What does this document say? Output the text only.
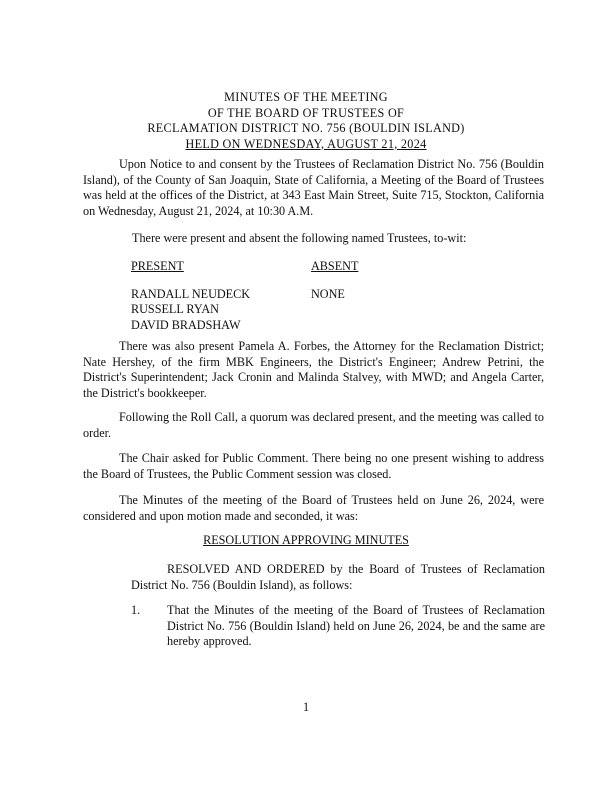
MINUTES OF THE MEETING
OF THE BOARD OF TRUSTEES OF
RECLAMATION DISTRICT NO. 756 (BOULDIN ISLAND)
HELD ON WEDNESDAY, AUGUST 21, 2024
Upon Notice to and consent by the Trustees of Reclamation District No. 756 (Bouldin Island), of the County of San Joaquin, State of California, a Meeting of the Board of Trustees was held at the offices of the District, at 343 East Main Street, Suite 715, Stockton, California on Wednesday, August 21, 2024, at 10:30 A.M.
There were present and absent the following named Trustees, to-wit:
PRESENT
RANDALL NEUDECK
RUSSELL RYAN
DAVID BRADSHAW
ABSENT
NONE
There was also present Pamela A. Forbes, the Attorney for the Reclamation District; Nate Hershey, of the firm MBK Engineers, the District's Engineer; Andrew Petrini, the District's Superintendent; Jack Cronin and Malinda Stalvey, with MWD; and Angela Carter, the District's bookkeeper.
Following the Roll Call, a quorum was declared present, and the meeting was called to order.
The Chair asked for Public Comment. There being no one present wishing to address the Board of Trustees, the Public Comment session was closed.
The Minutes of the meeting of the Board of Trustees held on June 26, 2024, were considered and upon motion made and seconded, it was:
RESOLUTION APPROVING MINUTES
RESOLVED AND ORDERED by the Board of Trustees of Reclamation District No. 756 (Bouldin Island), as follows:
1. That the Minutes of the meeting of the Board of Trustees of Reclamation District No. 756 (Bouldin Island) held on June 26, 2024, be and the same are hereby approved.
1
